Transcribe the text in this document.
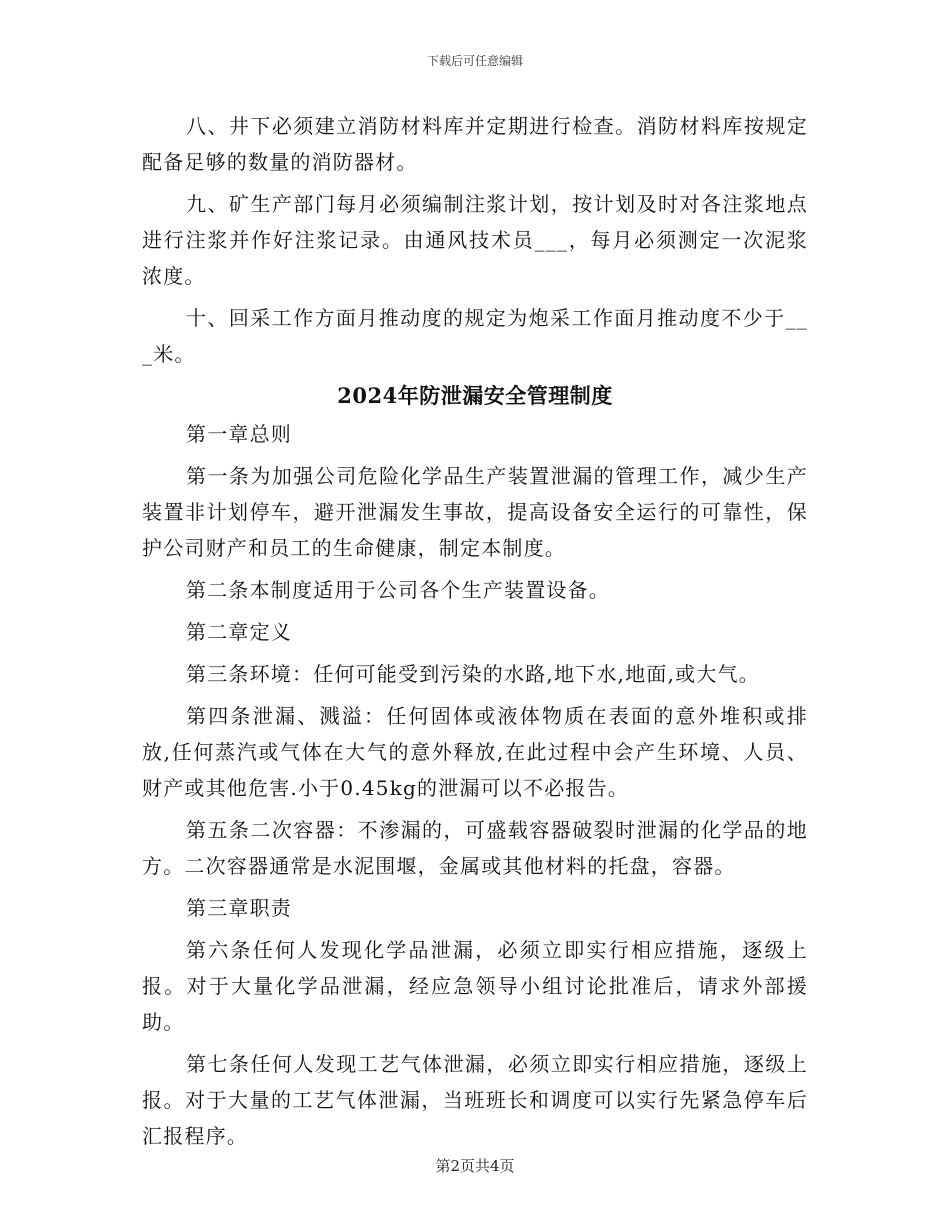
下载后可任意编辑

八、井下必须建立消防材料库并定期进行检查。消防材料库按规定配备足够的数量的消防器材。

九、矿生产部门每月必须编制注浆计划，按计划及时对各注浆地点进行注浆并作好注浆记录。由通风技术员___，每月必须测定一次泥浆浓度。

十、回采工作方面月推动度的规定为炮采工作面月推动度不少于___米。

2024年防泄漏安全管理制度

第一章总则

第一条为加强公司危险化学品生产装置泄漏的管理工作，减少生产装置非计划停车，避开泄漏发生事故，提高设备安全运行的可靠性，保护公司财产和员工的生命健康，制定本制度。

第二条本制度适用于公司各个生产装置设备。

第二章定义

第三条环境：任何可能受到污染的水路,地下水,地面,或大气。

第四条泄漏、溅溢：任何固体或液体物质在表面的意外堆积或排放,任何蒸汽或气体在大气的意外释放,在此过程中会产生环境、人员、财产或其他危害.小于0.45kg的泄漏可以不必报告。

第五条二次容器：不渗漏的，可盛载容器破裂时泄漏的化学品的地方。二次容器通常是水泥围堰，金属或其他材料的托盘，容器。

第三章职责

第六条任何人发现化学品泄漏，必须立即实行相应措施，逐级上报。对于大量化学品泄漏，经应急领导小组讨论批准后，请求外部援助。

第七条任何人发现工艺气体泄漏，必须立即实行相应措施，逐级上报。对于大量的工艺气体泄漏，当班班长和调度可以实行先紧急停车后汇报程序。

第2页共4页
